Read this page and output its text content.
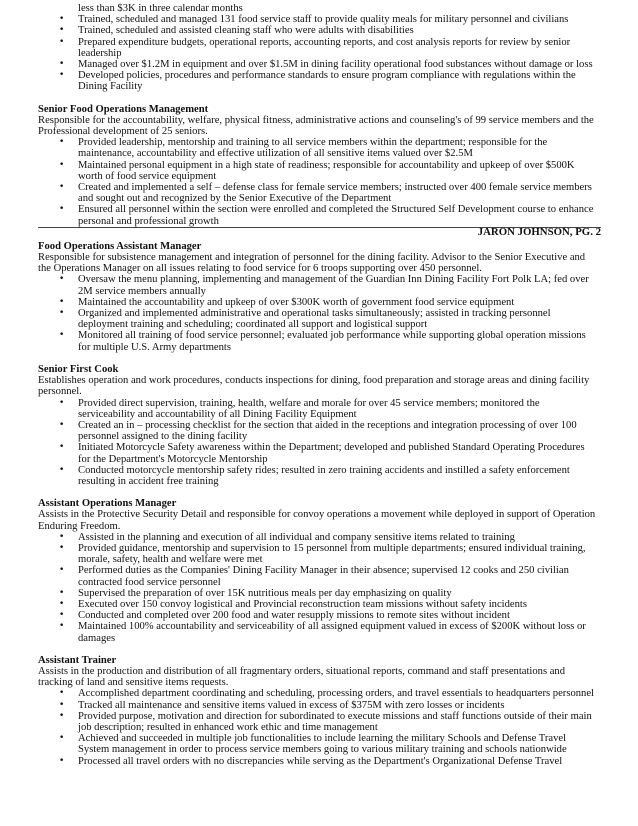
less than $3K in three calendar months
• Trained, scheduled and managed 131 food service staff to provide quality meals for military personnel and civilians
• Trained, scheduled and assisted cleaning staff who were adults with disabilities
• Prepared expenditure budgets, operational reports, accounting reports, and cost analysis reports for review by senior leadership
• Managed over $1.2M in equipment and over $1.5M in dining facility operational food substances without damage or loss
• Developed policies, procedures and performance standards to ensure program compliance with regulations within the Dining Facility
Senior Food Operations Management
Responsible for the accountability, welfare, physical fitness, administrative actions and counseling's of 99 service members and the Professional development of 25 seniors.
• Provided leadership, mentorship and training to all service members within the department; responsible for the maintenance, accountability and effective utilization of all sensitive items valued over $2.5M
• Maintained personal equipment in a high state of readiness; responsible for accountability and upkeep of over $500K worth of food service equipment
• Created and implemented a self – defense class for female service members; instructed over 400 female service members and sought out and recognized by the Senior Executive of the Department
• Ensured all personnel within the section were enrolled and completed the Structured Self Development course to enhance personal and professional growth
JARON JOHNSON, PG. 2
Food Operations Assistant Manager
Responsible for subsistence management and integration of personnel for the dining facility. Advisor to the Senior Executive and the Operations Manager on all issues relating to food service for 6 troops supporting over 450 personnel.
• Oversaw the menu planning, implementing and management of the Guardian Inn Dining Facility Fort Polk LA; fed over 2M service members annually
• Maintained the accountability and upkeep of over $300K worth of government food service equipment
• Organized and implemented administrative and operational tasks simultaneously; assisted in tracking personnel deployment training and scheduling; coordinated all support and logistical support
• Monitored all training of food service personnel; evaluated job performance while supporting global operation missions for multiple U.S. Army departments
Senior First Cook
Establishes operation and work procedures, conducts inspections for dining, food preparation and storage areas and dining facility personnel.
• Provided direct supervision, training, health, welfare and morale for over 45 service members; monitored the serviceability and accountability of all Dining Facility Equipment
• Created an in – processing checklist for the section that aided in the receptions and integration processing of over 100 personnel assigned to the dining facility
• Initiated Motorcycle Safety awareness within the Department; developed and published Standard Operating Procedures for the Department's Motorcycle Mentorship
• Conducted motorcycle mentorship safety rides; resulted in zero training accidents and instilled a safety enforcement resulting in accident free training
Assistant Operations Manager
Assists in the Protective Security Detail and responsible for convoy operations a movement while deployed in support of Operation Enduring Freedom.
• Assisted in the planning and execution of all individual and company sensitive items related to training
• Provided guidance, mentorship and supervision to 15 personnel from multiple departments; ensured individual training, morale, safety, health and welfare were met
• Performed duties as the Companies' Dining Facility Manager in their absence; supervised 12 cooks and 250 civilian contracted food service personnel
• Supervised the preparation of over 15K nutritious meals per day emphasizing on quality
• Executed over 150 convoy logistical and Provincial reconstruction team missions without safety incidents
• Conducted and completed over 200 food and water resupply missions to remote sites without incident
• Maintained 100% accountability and serviceability of all assigned equipment valued in excess of $200K without loss or damages
Assistant Trainer
Assists in the production and distribution of all fragmentary orders, situational reports, command and staff presentations and tracking of land and sensitive items requests.
• Accomplished department coordinating and scheduling, processing orders, and travel essentials to headquarters personnel
• Tracked all maintenance and sensitive items valued in excess of $375M with zero losses or incidents
• Provided purpose, motivation and direction for subordinated to execute missions and staff functions outside of their main job description; resulted in enhanced work ethic and time management
• Achieved and succeeded in multiple job functionalities to include learning the military Schools and Defense Travel System management in order to process service members going to various military training and schools nationwide
• Processed all travel orders with no discrepancies while serving as the Department's Organizational Defense Travel
